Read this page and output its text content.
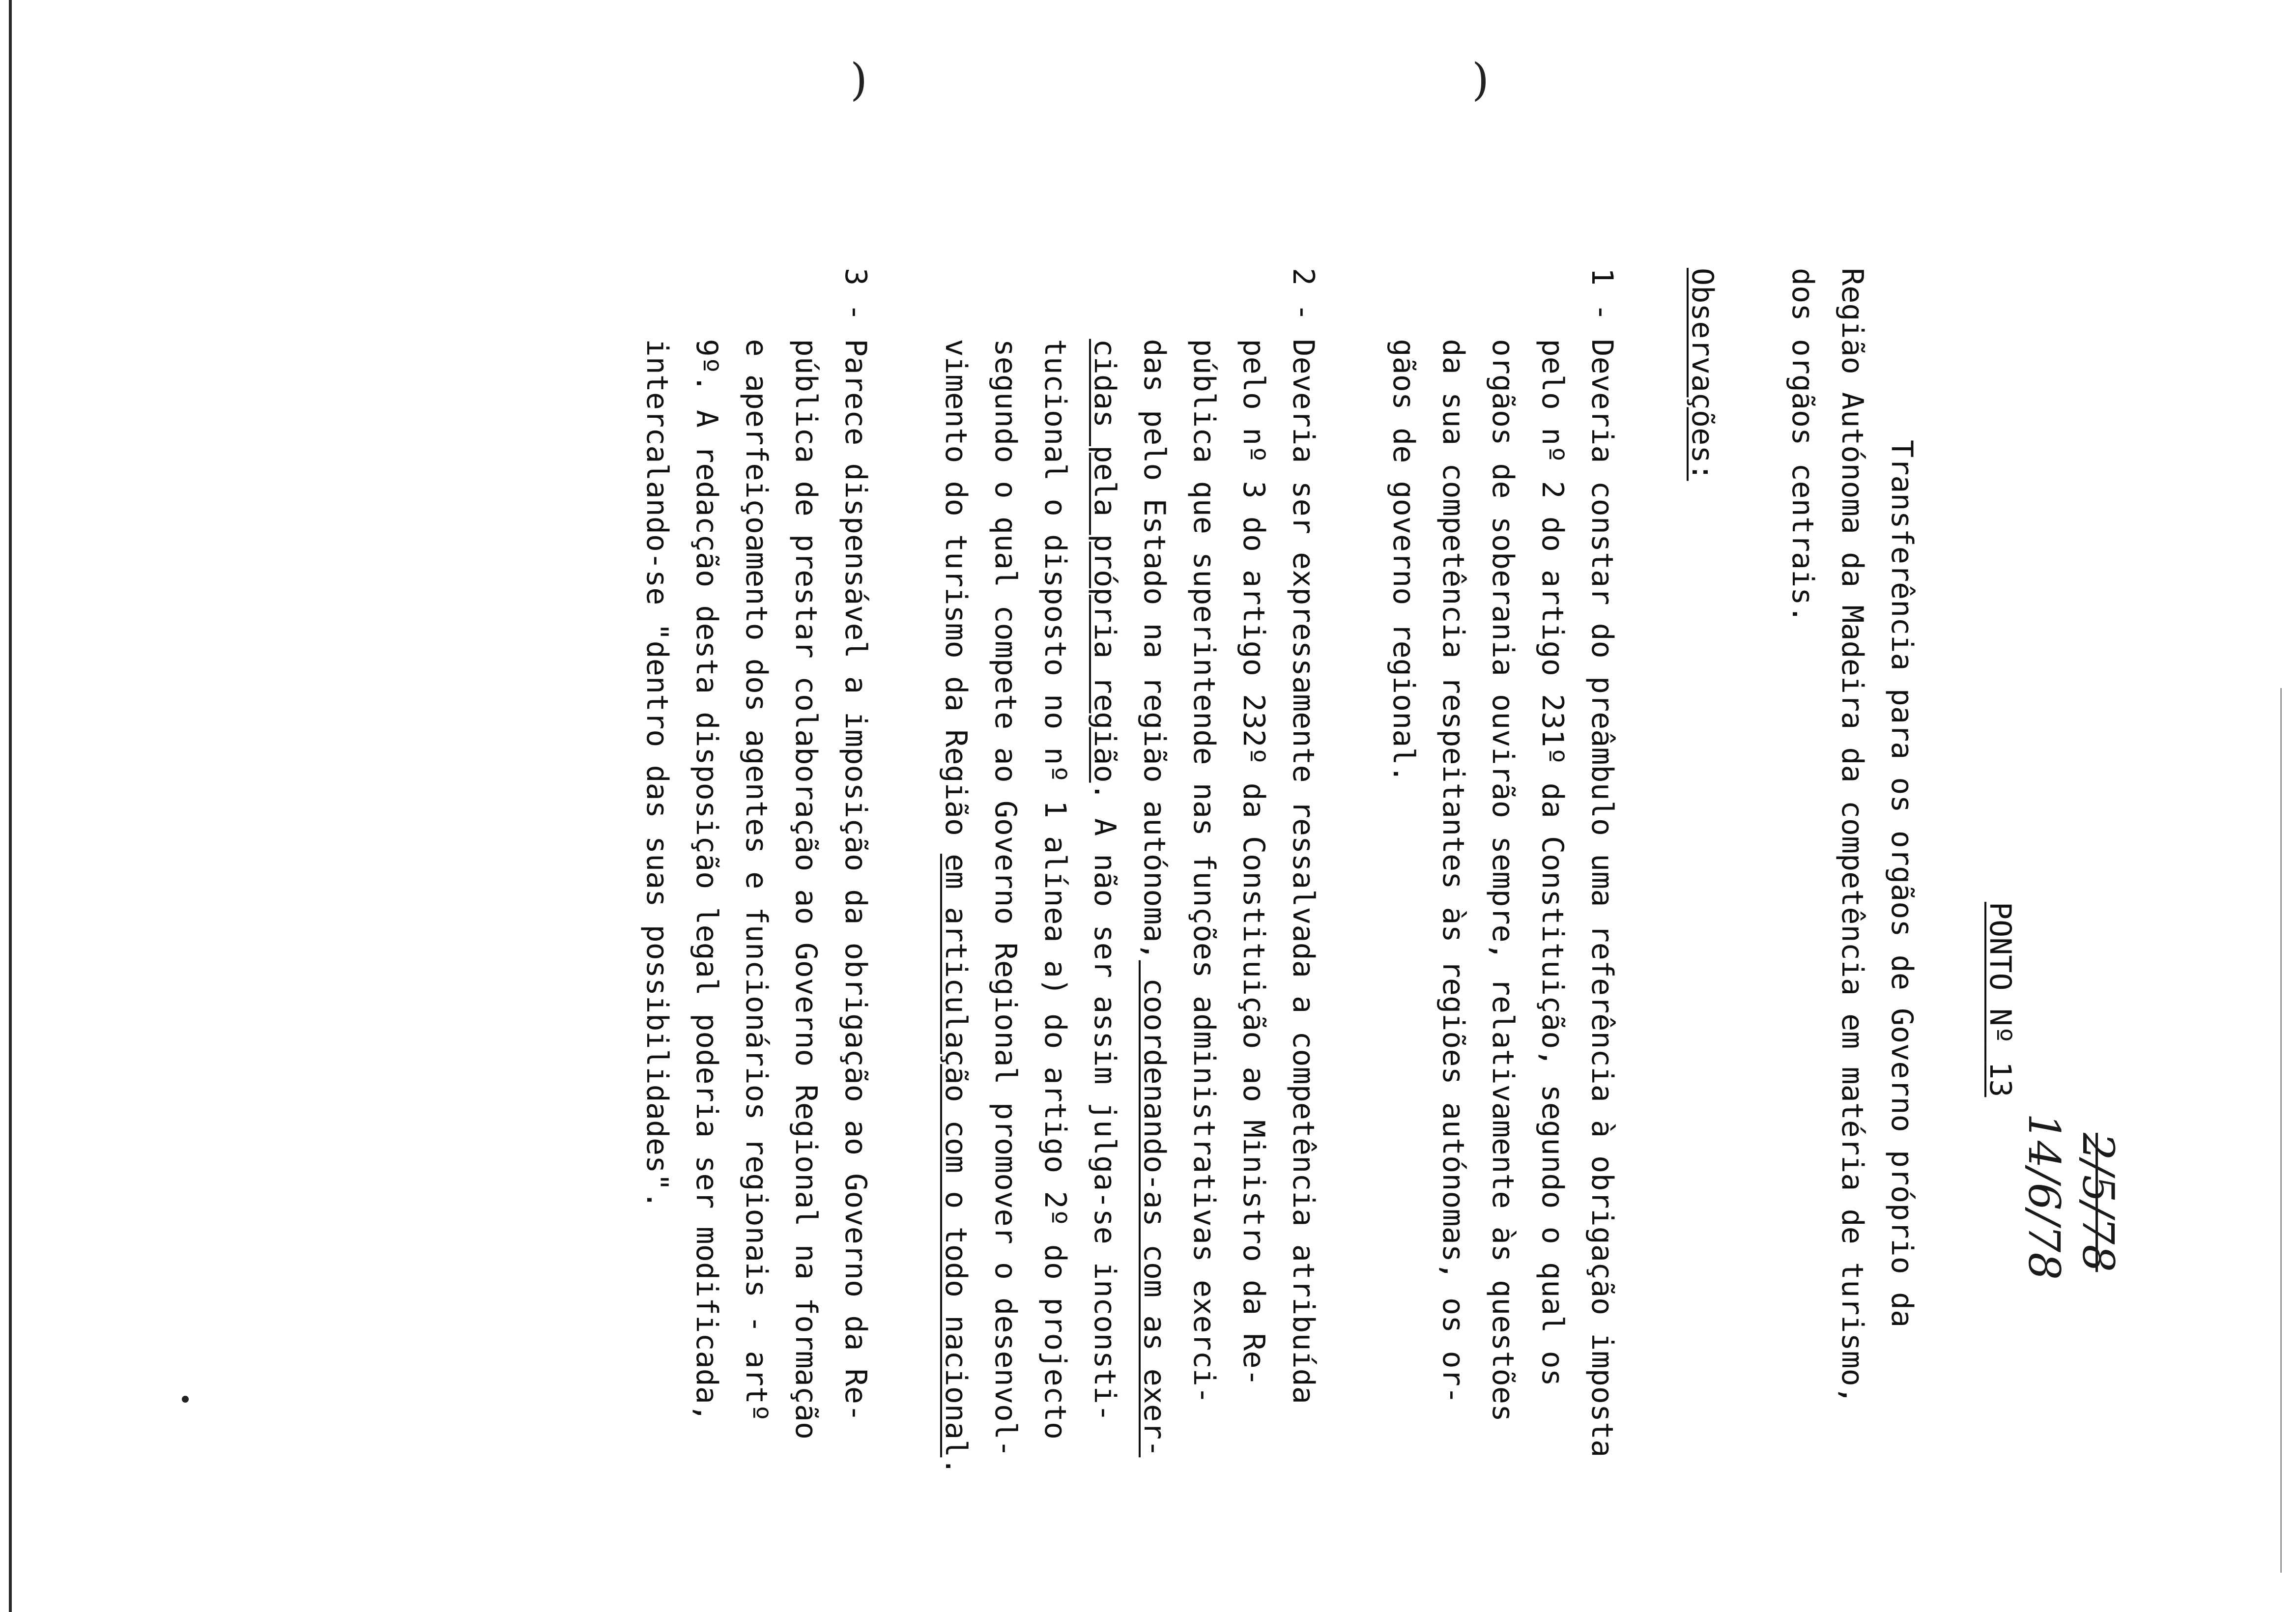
)	)
2/5/78
14/6/78
PONTO Nº 13
Transferência para os orgãos de Governo próprio da
Região Autónoma da Madeira da competência em matéria de turismo,
dos orgãos centrais.
Observações:
1 - Deveria constar do preâmbulo uma referência à obrigação imposta
pelo nº 2 do artigo 231º da Constituição, segundo o qual os
orgãos de soberania ouvirão sempre, relativamente às questões
da sua competência respeitantes às regiões autónomas, os or-
gãos de governo regional.
2 - Deveria ser expressamente ressalvada a competência atribuída
pelo nº 3 do artigo 232º da Constituição ao Ministro da Re-
pública que superintende nas funções administrativas exerci-
das pelo Estado na região autónoma, coordenando-as com as exer-
cidas pela própria região. A não ser assim julga-se inconsti-
tucional o disposto no nº 1 alínea a) do artigo 2º do projecto
segundo o qual compete ao Governo Regional promover o desenvol-
vimento do turismo da Região em articulação com o todo nacional.
3 - Parece dispensável a imposição da obrigação ao Governo da Re-
pública de prestar colaboração ao Governo Regional na formação
e aperfeiçoamento dos agentes e funcionários regionais - artº
9º. A redacção desta disposição legal poderia ser modificada,
intercalando-se "dentro das suas possibilidades".
